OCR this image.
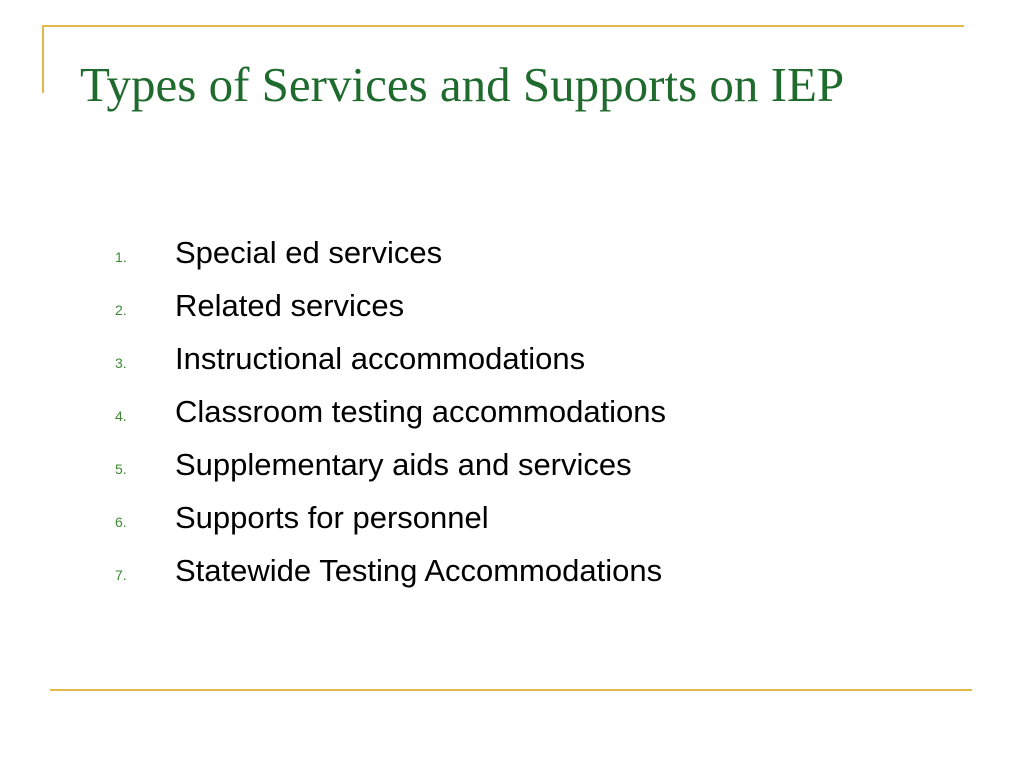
Types of Services and Supports on IEP
1.	Special ed services
2.	Related services
3.	Instructional accommodations
4.	Classroom testing accommodations
5.	Supplementary aids and services
6.	Supports for personnel
7.	Statewide Testing Accommodations
